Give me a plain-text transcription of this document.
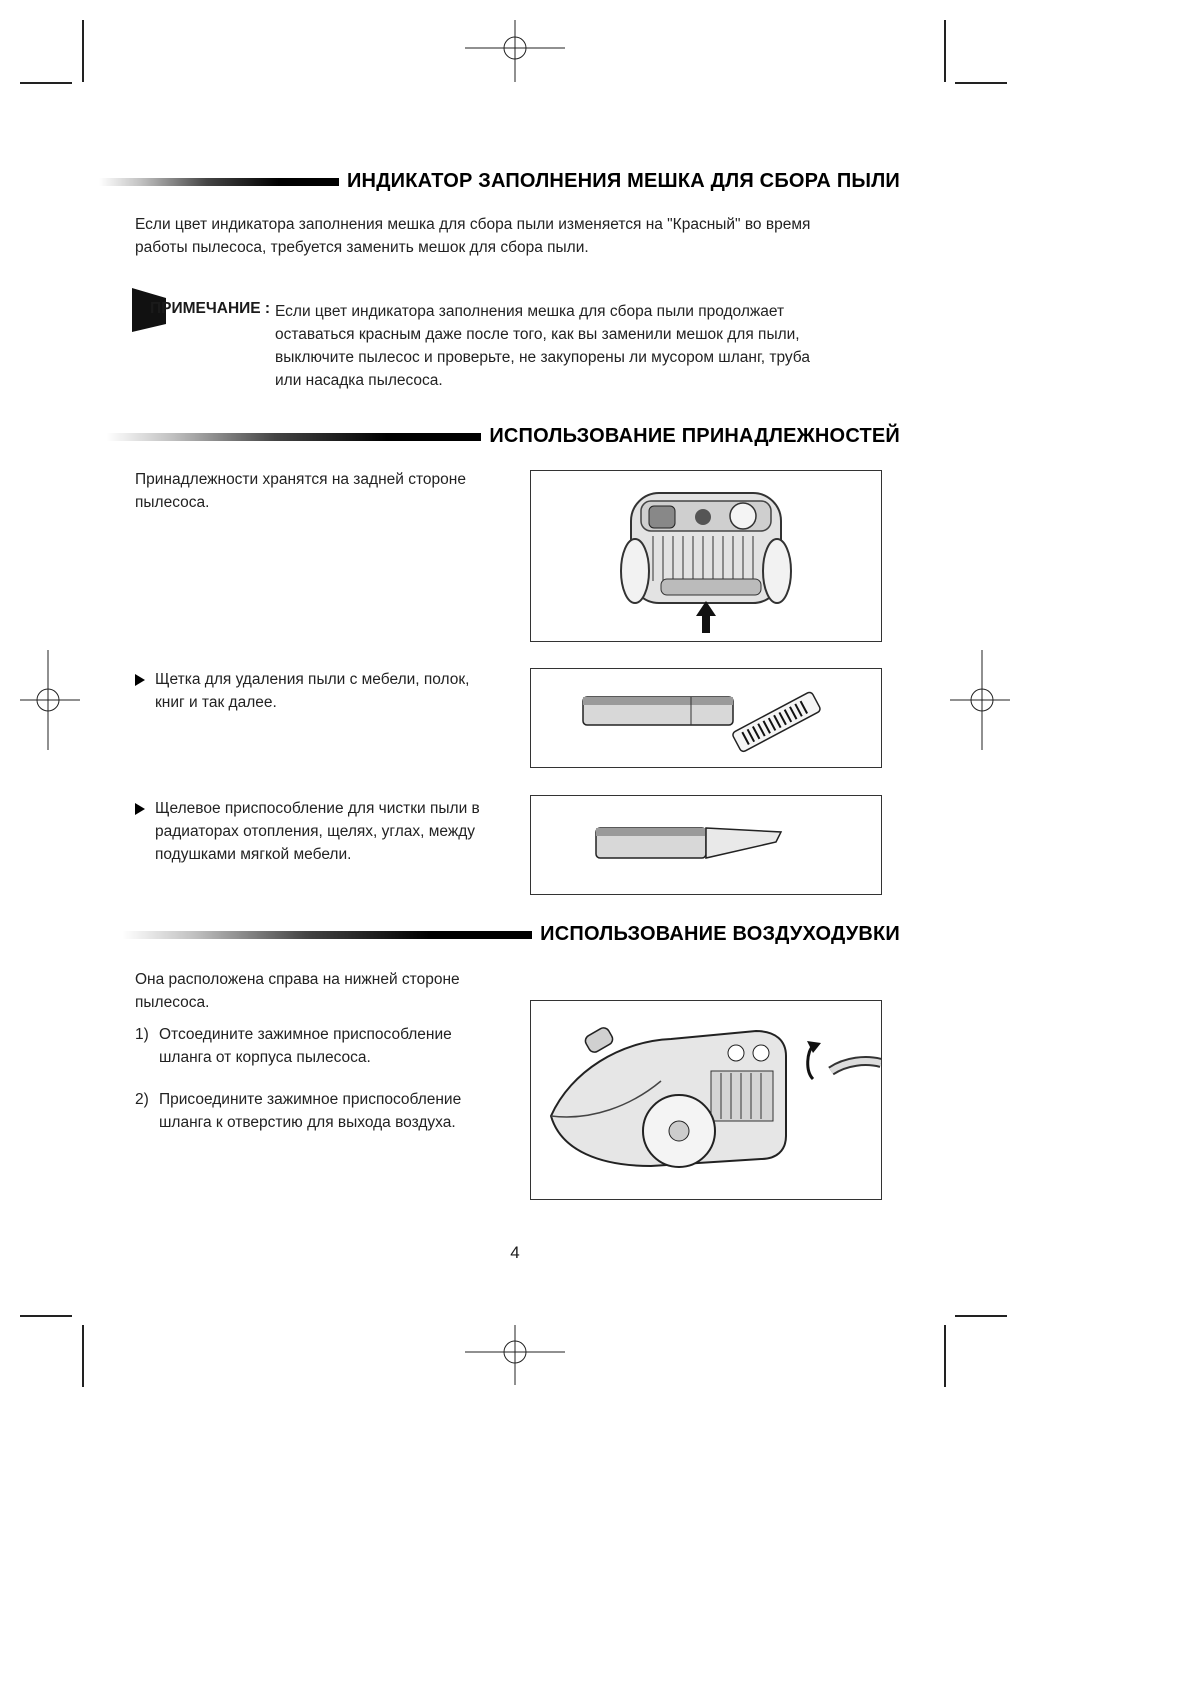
ИНДИКАТОР ЗАПОЛНЕНИЯ МЕШКА ДЛЯ СБОРА ПЫЛИ
Если цвет индикатора заполнения мешка для сбора пыли изменяется на "Красный" во время
работы пылесоса, требуется заменить мешок для сбора пыли.
ПРИМЕЧАНИЕ : Если цвет индикатора заполнения мешка для сбора пыли продолжает
оставаться красным даже после того, как вы заменили мешок для пыли,
выключите пылесос и проверьте, не закупорены ли мусором шланг, труба
или насадка пылесоса.
ИСПОЛЬЗОВАНИЕ ПРИНАДЛЕЖНОСТЕЙ
Принадлежности хранятся на задней стороне
пылесоса.
Щетка для удаления пыли с мебели, полок,
книг и так далее.
Щелевое приспособление для чистки пыли в
радиаторах отопления, щелях, углах, между
подушками мягкой мебели.
ИСПОЛЬЗОВАНИЕ ВОЗДУХОДУВКИ
Она расположена справа на нижней стороне
пылесоса.
1) Отсоедините зажимное приспособление
шланга от корпуса пылесоса.
2) Присоедините зажимное приспособление
шланга к отверстию для выхода воздуха.
4
